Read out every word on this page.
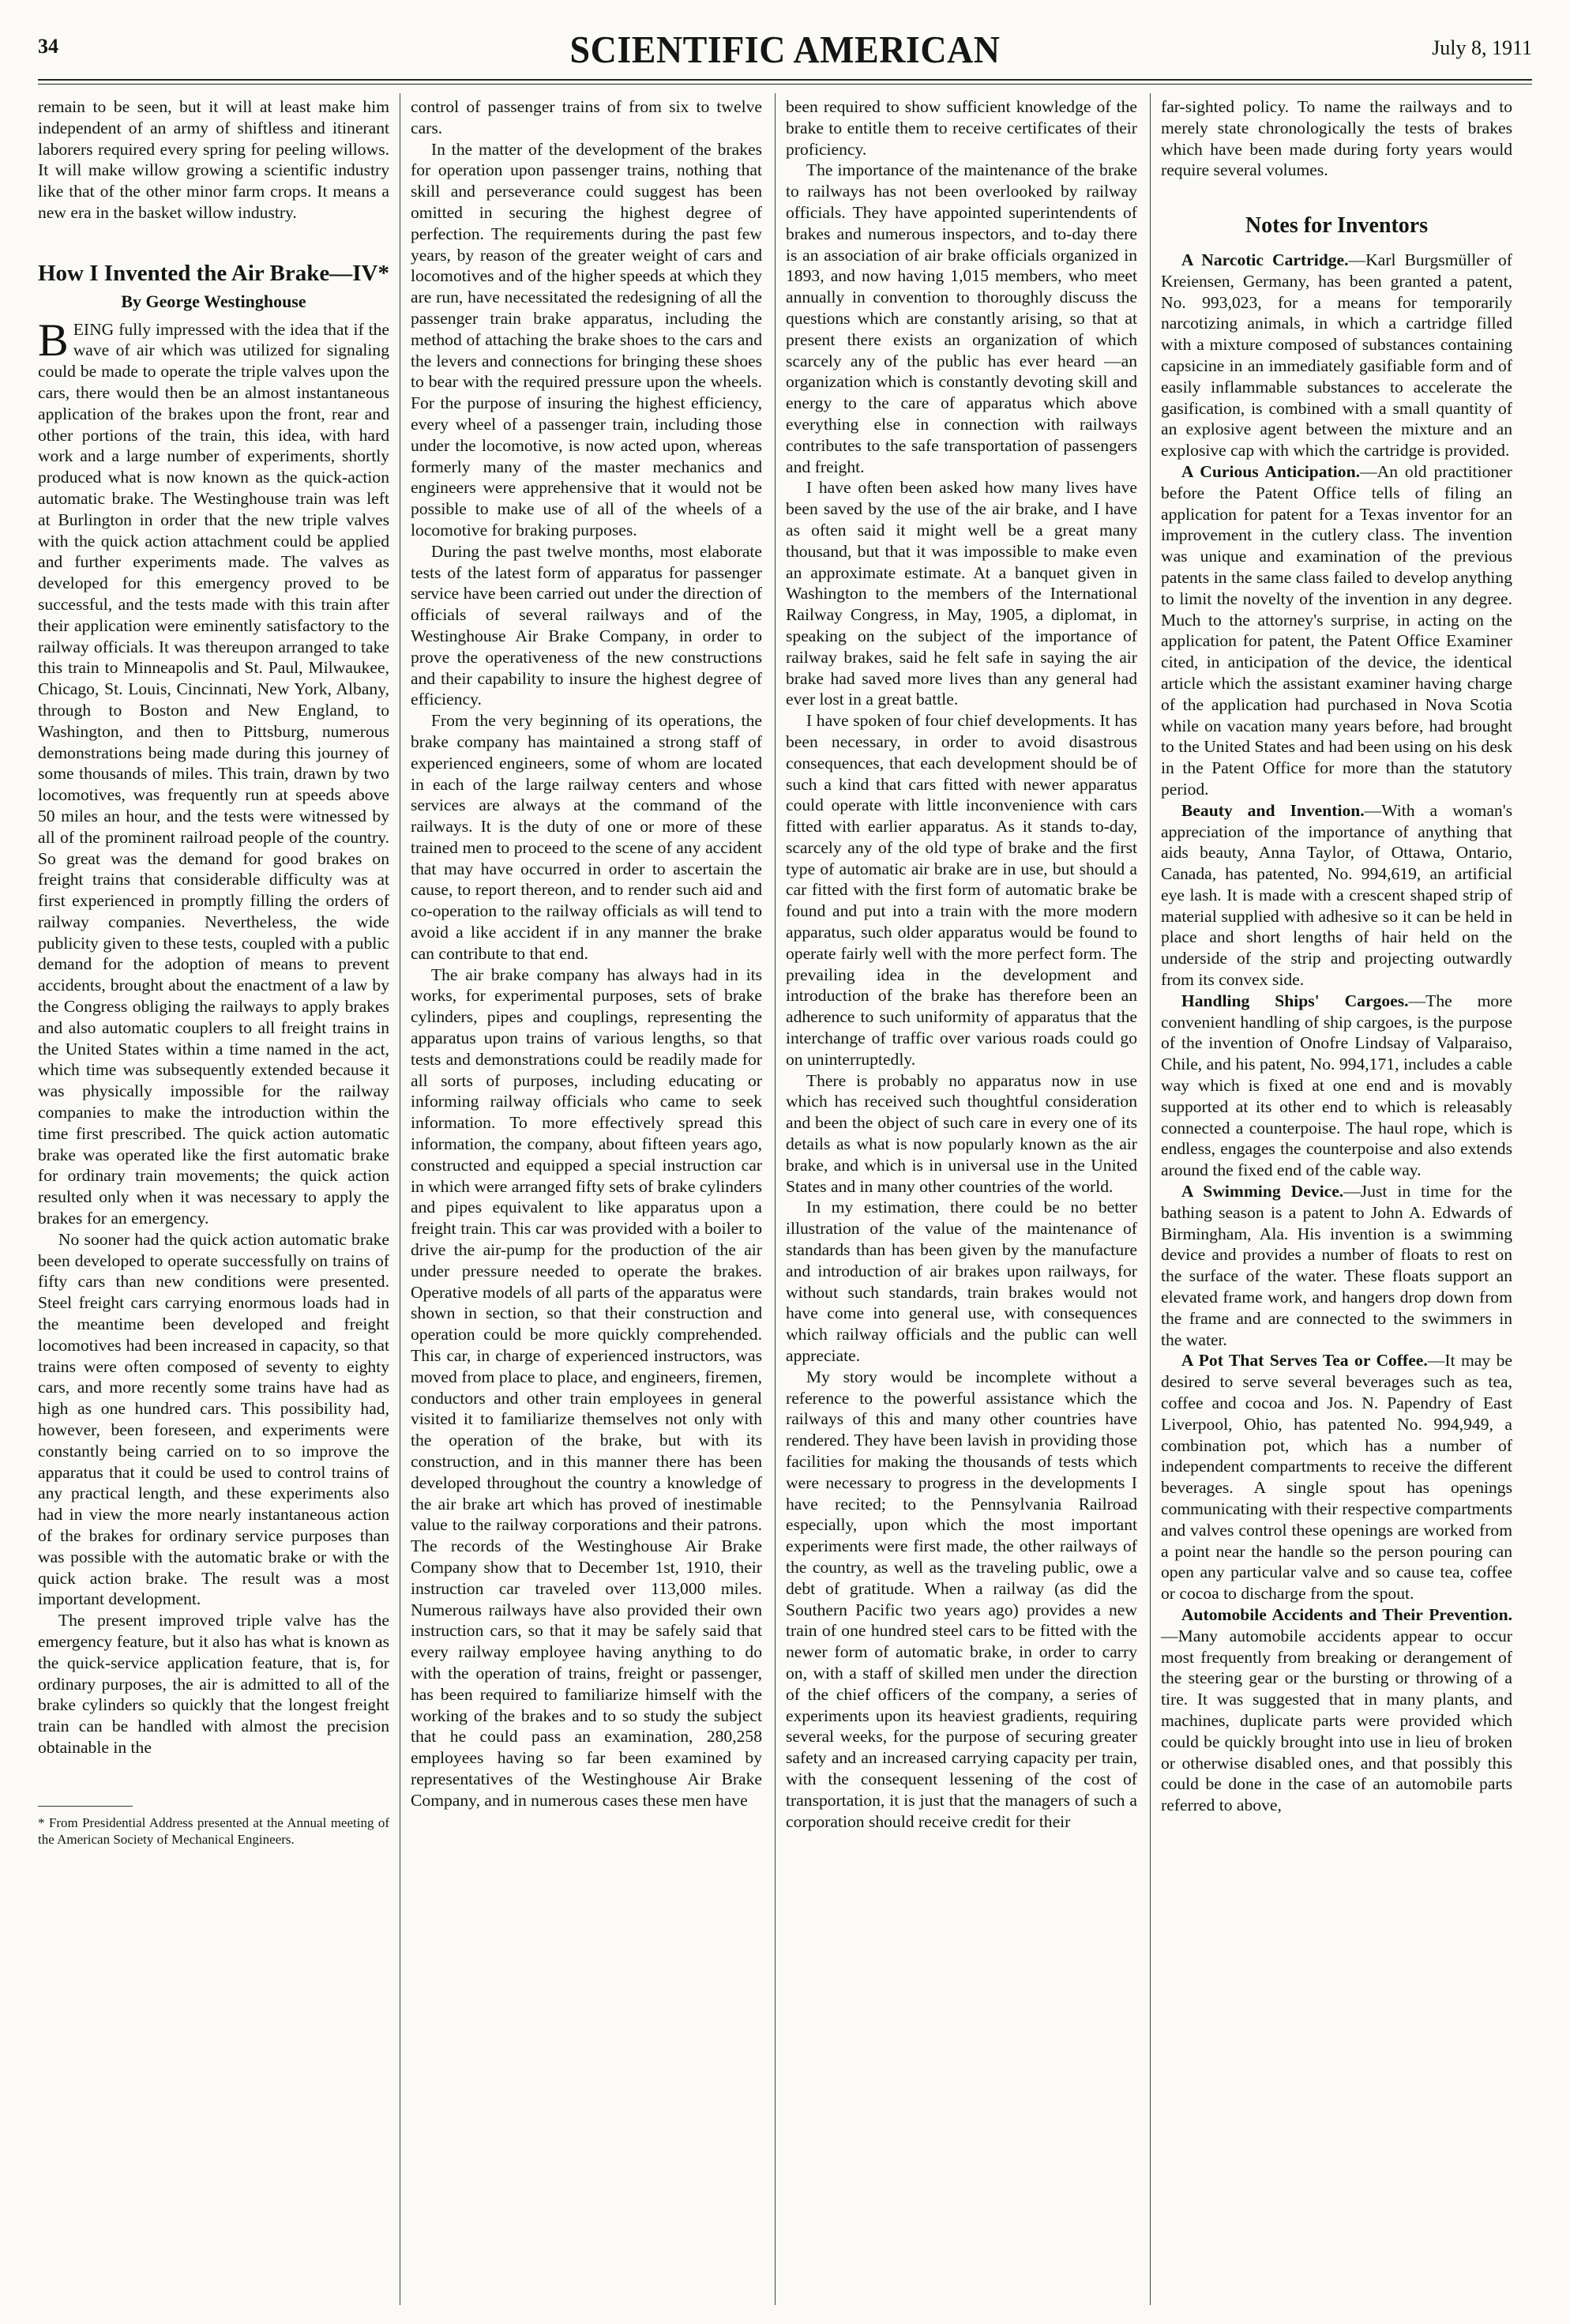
34	SCIENTIFIC AMERICAN	July 8, 1911

remain to be seen, but it will at least make him independent of an army of shiftless and itinerant laborers required every spring for peeling willows. It will make willow growing a scientific industry like that of the other minor farm crops. It means a new era in the basket willow industry.

How I Invented the Air Brake—IV*
By George Westinghouse

BEING fully impressed with the idea that if the wave of air which was utilized for signaling could be made to operate the triple valves upon the cars, there would then be an almost instantaneous application of the brakes upon the front, rear and other portions of the train, this idea, with hard work and a large number of experiments, shortly produced what is now known as the quick-action automatic brake. The Westinghouse train was left at Burlington in order that the new triple valves with the quick action attachment could be applied and further experiments made. The valves as developed for this emergency proved to be successful, and the tests made with this train after their application were eminently satisfactory to the railway officials. It was thereupon arranged to take this train to Minneapolis and St. Paul, Milwaukee, Chicago, St. Louis, Cincinnati, New York, Albany, through to Boston and New England, to Washington, and then to Pittsburg, numerous demonstrations being made during this journey of some thousands of miles. This train, drawn by two locomotives, was frequently run at speeds above 50 miles an hour, and the tests were witnessed by all of the prominent railroad people of the country. So great was the demand for good brakes on freight trains that considerable difficulty was at first experienced in promptly filling the orders of railway companies. Nevertheless, the wide publicity given to these tests, coupled with a public demand for the adoption of means to prevent accidents, brought about the enactment of a law by the Congress obliging the railways to apply brakes and also automatic couplers to all freight trains in the United States within a time named in the act, which time was subsequently extended because it was physically impossible for the railway companies to make the introduction within the time first prescribed. The quick action automatic brake was operated like the first automatic brake for ordinary train movements; the quick action resulted only when it was necessary to apply the brakes for an emergency.

No sooner had the quick action automatic brake been developed to operate successfully on trains of fifty cars than new conditions were presented. Steel freight cars carrying enormous loads had in the meantime been developed and freight locomotives had been increased in capacity, so that trains were often composed of seventy to eighty cars, and more recently some trains have had as high as one hundred cars. This possibility had, however, been foreseen, and experiments were constantly being carried on to so improve the apparatus that it could be used to control trains of any practical length, and these experiments also had in view the more nearly instantaneous action of the brakes for ordinary service purposes than was possible with the automatic brake or with the quick action brake. The result was a most important development.

The present improved triple valve has the emergency feature, but it also has what is known as the quick-service application feature, that is, for ordinary purposes, the air is admitted to all of the brake cylinders so quickly that the longest freight train can be handled with almost the precision obtainable in the

* From Presidential Address presented at the Annual meeting of the American Society of Mechanical Engineers.

control of passenger trains of from six to twelve cars.

In the matter of the development of the brakes for operation upon passenger trains, nothing that skill and perseverance could suggest has been omitted in securing the highest degree of perfection. The requirements during the past few years, by reason of the greater weight of cars and locomotives and of the higher speeds at which they are run, have necessitated the redesigning of all the passenger train brake apparatus, including the method of attaching the brake shoes to the cars and the levers and connections for bringing these shoes to bear with the required pressure upon the wheels. For the purpose of insuring the highest efficiency, every wheel of a passenger train, including those under the locomotive, is now acted upon, whereas formerly many of the master mechanics and engineers were apprehensive that it would not be possible to make use of all of the wheels of a locomotive for braking purposes.

During the past twelve months, most elaborate tests of the latest form of apparatus for passenger service have been carried out under the direction of officials of several railways and of the Westinghouse Air Brake Company, in order to prove the operativeness of the new constructions and their capability to insure the highest degree of efficiency.

From the very beginning of its operations, the brake company has maintained a strong staff of experienced engineers, some of whom are located in each of the large railway centers and whose services are always at the command of the railways. It is the duty of one or more of these trained men to proceed to the scene of any accident that may have occurred in order to ascertain the cause, to report thereon, and to render such aid and co-operation to the railway officials as will tend to avoid a like accident if in any manner the brake can contribute to that end.

The air brake company has always had in its works, for experimental purposes, sets of brake cylinders, pipes and couplings, representing the apparatus upon trains of various lengths, so that tests and demonstrations could be readily made for all sorts of purposes, including educating or informing railway officials who came to seek information. To more effectively spread this information, the company, about fifteen years ago, constructed and equipped a special instruction car in which were arranged fifty sets of brake cylinders and pipes equivalent to like apparatus upon a freight train. This car was provided with a boiler to drive the air-pump for the production of the air under pressure needed to operate the brakes. Operative models of all parts of the apparatus were shown in section, so that their construction and operation could be more quickly comprehended. This car, in charge of experienced instructors, was moved from place to place, and engineers, firemen, conductors and other train employees in general visited it to familiarize themselves not only with the operation of the brake, but with its construction, and in this manner there has been developed throughout the country a knowledge of the air brake art which has proved of inestimable value to the railway corporations and their patrons. The records of the Westinghouse Air Brake Company show that to December 1st, 1910, their instruction car traveled over 113,000 miles. Numerous railways have also provided their own instruction cars, so that it may be safely said that every railway employee having anything to do with the operation of trains, freight or passenger, has been required to familiarize himself with the working of the brakes and to so study the subject that he could pass an examination, 280,258 employees having so far been examined by representatives of the Westinghouse Air Brake Company, and in numerous cases these men have

been required to show sufficient knowledge of the brake to entitle them to receive certificates of their proficiency.

The importance of the maintenance of the brake to railways has not been overlooked by railway officials. They have appointed superintendents of brakes and numerous inspectors, and to-day there is an association of air brake officials organized in 1893, and now having 1,015 members, who meet annually in convention to thoroughly discuss the questions which are constantly arising, so that at present there exists an organization of which scarcely any of the public has ever heard —an organization which is constantly devoting skill and energy to the care of apparatus which above everything else in connection with railways contributes to the safe transportation of passengers and freight.

I have often been asked how many lives have been saved by the use of the air brake, and I have as often said it might well be a great many thousand, but that it was impossible to make even an approximate estimate. At a banquet given in Washington to the members of the International Railway Congress, in May, 1905, a diplomat, in speaking on the subject of the importance of railway brakes, said he felt safe in saying the air brake had saved more lives than any general had ever lost in a great battle.

I have spoken of four chief developments. It has been necessary, in order to avoid disastrous consequences, that each development should be of such a kind that cars fitted with newer apparatus could operate with little inconvenience with cars fitted with earlier apparatus. As it stands to-day, scarcely any of the old type of brake and the first type of automatic air brake are in use, but should a car fitted with the first form of automatic brake be found and put into a train with the more modern apparatus, such older apparatus would be found to operate fairly well with the more perfect form. The prevailing idea in the development and introduction of the brake has therefore been an adherence to such uniformity of apparatus that the interchange of traffic over various roads could go on uninterruptedly.

There is probably no apparatus now in use which has received such thoughtful consideration and been the object of such care in every one of its details as what is now popularly known as the air brake, and which is in universal use in the United States and in many other countries of the world.

In my estimation, there could be no better illustration of the value of the maintenance of standards than has been given by the manufacture and introduction of air brakes upon railways, for without such standards, train brakes would not have come into general use, with consequences which railway officials and the public can well appreciate.

My story would be incomplete without a reference to the powerful assistance which the railways of this and many other countries have rendered. They have been lavish in providing those facilities for making the thousands of tests which were necessary to progress in the developments I have recited; to the Pennsylvania Railroad especially, upon which the most important experiments were first made, the other railways of the country, as well as the traveling public, owe a debt of gratitude. When a railway (as did the Southern Pacific two years ago) provides a new train of one hundred steel cars to be fitted with the newer form of automatic brake, in order to carry on, with a staff of skilled men under the direction of the chief officers of the company, a series of experiments upon its heaviest gradients, requiring several weeks, for the purpose of securing greater safety and an increased carrying capacity per train, with the consequent lessening of the cost of transportation, it is just that the managers of such a corporation should receive credit for their

far-sighted policy. To name the railways and to merely state chronologically the tests of brakes which have been made during forty years would require several volumes.

Notes for Inventors

A Narcotic Cartridge.—Karl Burgsmüller of Kreiensen, Germany, has been granted a patent, No. 993,023, for a means for temporarily narcotizing animals, in which a cartridge filled with a mixture composed of substances containing capsicine in an immediately gasifiable form and of easily inflammable substances to accelerate the gasification, is combined with a small quantity of an explosive agent between the mixture and an explosive cap with which the cartridge is provided.

A Curious Anticipation.—An old practitioner before the Patent Office tells of filing an application for patent for a Texas inventor for an improvement in the cutlery class. The invention was unique and examination of the previous patents in the same class failed to develop anything to limit the novelty of the invention in any degree. Much to the attorney's surprise, in acting on the application for patent, the Patent Office Examiner cited, in anticipation of the device, the identical article which the assistant examiner having charge of the application had purchased in Nova Scotia while on vacation many years before, had brought to the United States and had been using on his desk in the Patent Office for more than the statutory period.

Beauty and Invention.—With a woman's appreciation of the importance of anything that aids beauty, Anna Taylor, of Ottawa, Ontario, Canada, has patented, No. 994,619, an artificial eye lash. It is made with a crescent shaped strip of material supplied with adhesive so it can be held in place and short lengths of hair held on the underside of the strip and projecting outwardly from its convex side.

Handling Ships' Cargoes.—The more convenient handling of ship cargoes, is the purpose of the invention of Onofre Lindsay of Valparaiso, Chile, and his patent, No. 994,171, includes a cable way which is fixed at one end and is movably supported at its other end to which is releasably connected a counterpoise. The haul rope, which is endless, engages the counterpoise and also extends around the fixed end of the cable way.

A Swimming Device.—Just in time for the bathing season is a patent to John A. Edwards of Birmingham, Ala. His invention is a swimming device and provides a number of floats to rest on the surface of the water. These floats support an elevated frame work, and hangers drop down from the frame and are connected to the swimmers in the water.

A Pot That Serves Tea or Coffee.—It may be desired to serve several beverages such as tea, coffee and cocoa and Jos. N. Papendry of East Liverpool, Ohio, has patented No. 994,949, a combination pot, which has a number of independent compartments to receive the different beverages. A single spout has openings communicating with their respective compartments and valves control these openings are worked from a point near the handle so the person pouring can open any particular valve and so cause tea, coffee or cocoa to discharge from the spout.

Automobile Accidents and Their Prevention.—Many automobile accidents appear to occur most frequently from breaking or derangement of the steering gear or the bursting or throwing of a tire. It was suggested that in many plants, and machines, duplicate parts were provided which could be quickly brought into use in lieu of broken or otherwise disabled ones, and that possibly this could be done in the case of an automobile parts referred to above,
